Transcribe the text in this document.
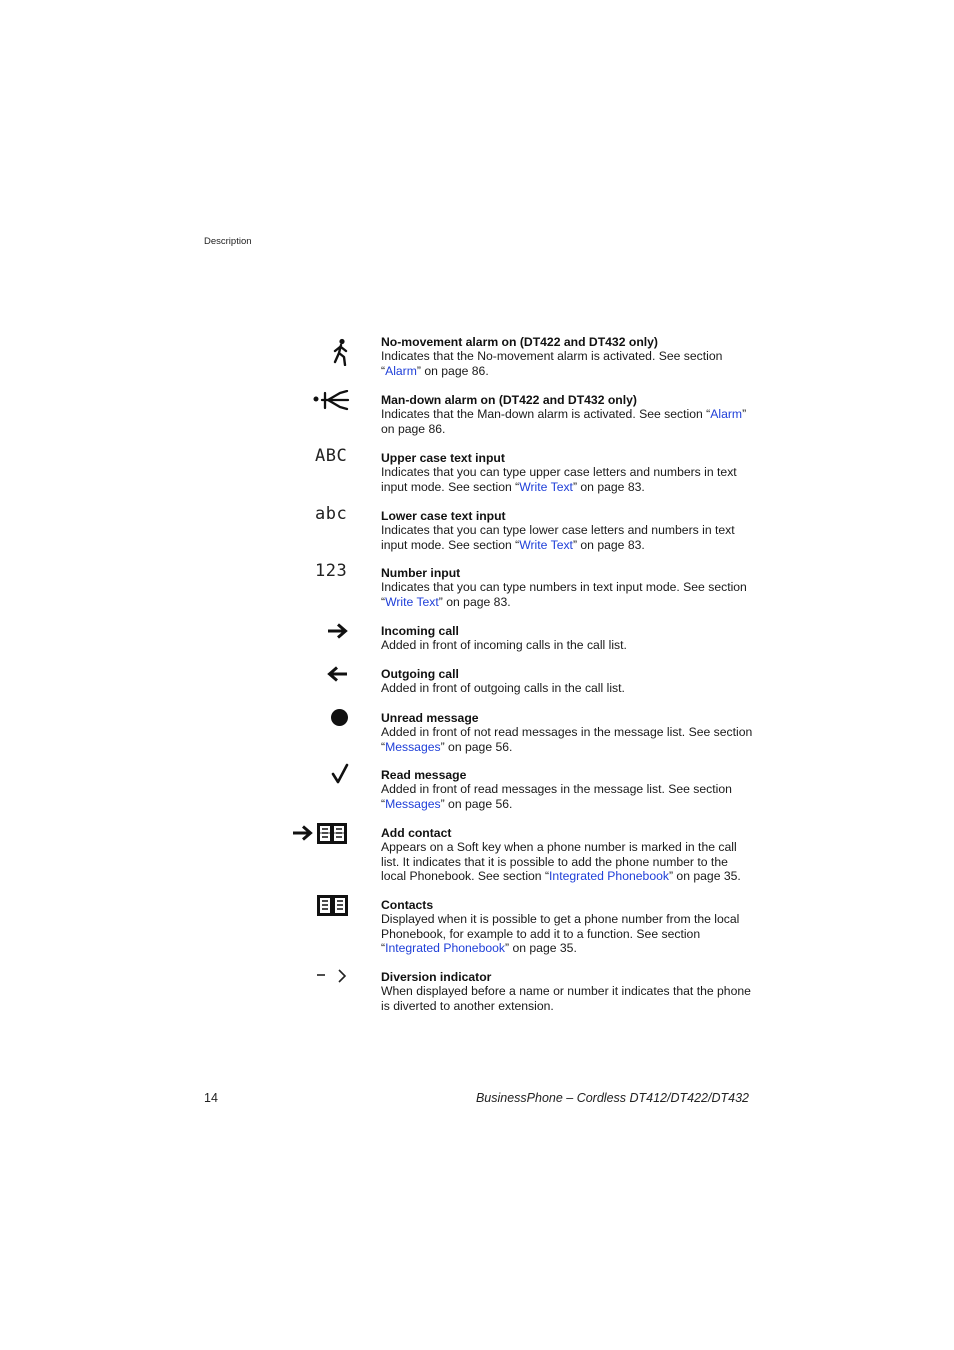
Description
ABC
abc
123

No-movement alarm on (DT422 and DT432 only)

Indicates that the No-movement alarm is activated. See section “Alarm” on page 86.

Man-down alarm on (DT422 and DT432 only)

Indicates that the Man-down alarm is activated. See section “Alarm” on page 86.

Upper case text input

Indicates that you can type upper case letters and numbers in text input mode. See section “Write Text” on page 83.

Lower case text input

Indicates that you can type lower case letters and numbers in text input mode. See section “Write Text” on page 83.

Number input

Indicates that you can type numbers in text input mode. See section “Write Text” on page 83.

Incoming call

Added in front of incoming calls in the call list.

Outgoing call

Added in front of outgoing calls in the call list.

Unread message

Added in front of not read messages in the message list. See section “Messages” on page 56.

Read message

Added in front of read messages in the message list. See section “Messages” on page 56.

Add contact

Appears on a Soft key when a phone number is marked in the call list. It indicates that it is possible to add the phone number to the local Phonebook. See section “Integrated Phonebook” on page 35.

Contacts

Displayed when it is possible to get a phone number from the local Phonebook, for example to add it to a function. See section “Integrated Phonebook” on page 35.

Diversion indicator

When displayed before a name or number it indicates that the phone is diverted to another extension.

14	BusinessPhone – Cordless DT412/DT422/DT432
